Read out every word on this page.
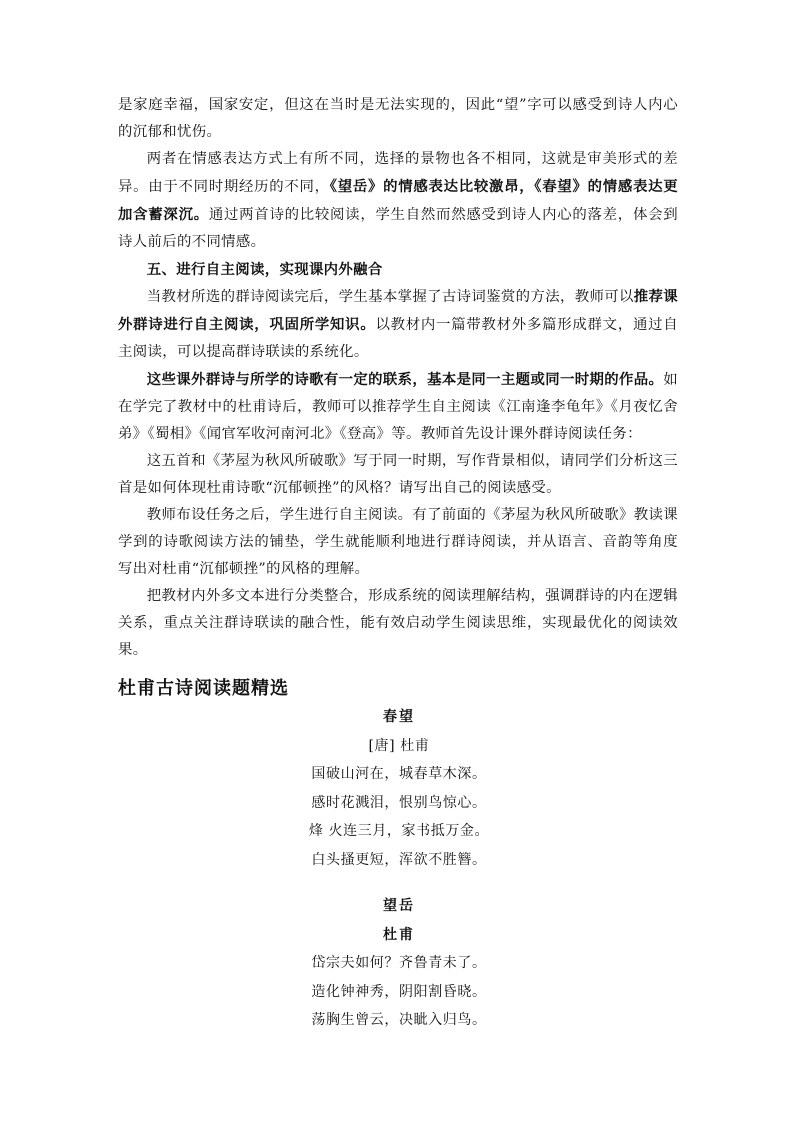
是家庭幸福，国家安定，但这在当时是无法实现的，因此“望”字可以感受到诗人内心的沉郁和忧伤。

两者在情感表达方式上有所不同，选择的景物也各不相同，这就是审美形式的差异。由于不同时期经历的不同，《望岳》的情感表达比较激昂，《春望》的情感表达更加含蓄深沉。通过两首诗的比较阅读，学生自然而然感受到诗人内心的落差，体会到诗人前后的不同情感。

五、进行自主阅读，实现课内外融合

当教材所选的群诗阅读完后，学生基本掌握了古诗词鉴赏的方法，教师可以推荐课外群诗进行自主阅读，巩固所学知识。以教材内一篇带教材外多篇形成群文，通过自主阅读，可以提高群诗联读的系统化。

这些课外群诗与所学的诗歌有一定的联系，基本是同一主题或同一时期的作品。如在学完了教材中的杜甫诗后，教师可以推荐学生自主阅读《江南逢李龟年》《月夜忆舍弟》《蜀相》《闻官军收河南河北》《登高》等。教师首先设计课外群诗阅读任务：

这五首和《茅屋为秋风所破歌》写于同一时期，写作背景相似，请同学们分析这三首是如何体现杜甫诗歌“沉郁顿挫”的风格？请写出自己的阅读感受。

教师布设任务之后，学生进行自主阅读。有了前面的《茅屋为秋风所破歌》教读课学到的诗歌阅读方法的铺垫，学生就能顺利地进行群诗阅读，并从语言、音韵等角度写出对杜甫“沉郁顿挫”的风格的理解。

把教材内外多文本进行分类整合，形成系统的阅读理解结构，强调群诗的内在逻辑关系，重点关注群诗联读的融合性，能有效启动学生阅读思维，实现最优化的阅读效果。

杜甫古诗阅读题精选
春望
[唐] 杜甫
国破山河在，城春草木深。
感时花溅泪，恨别鸟惊心。
烽 火连三月，家书抵万金。
白头搔更短，浑欲不胜簪。
望岳
杜甫
岱宗夫如何？齐鲁青未了。
造化钟神秀，阴阳割昏晓。
荡胸生曾云，决眦入归鸟。
